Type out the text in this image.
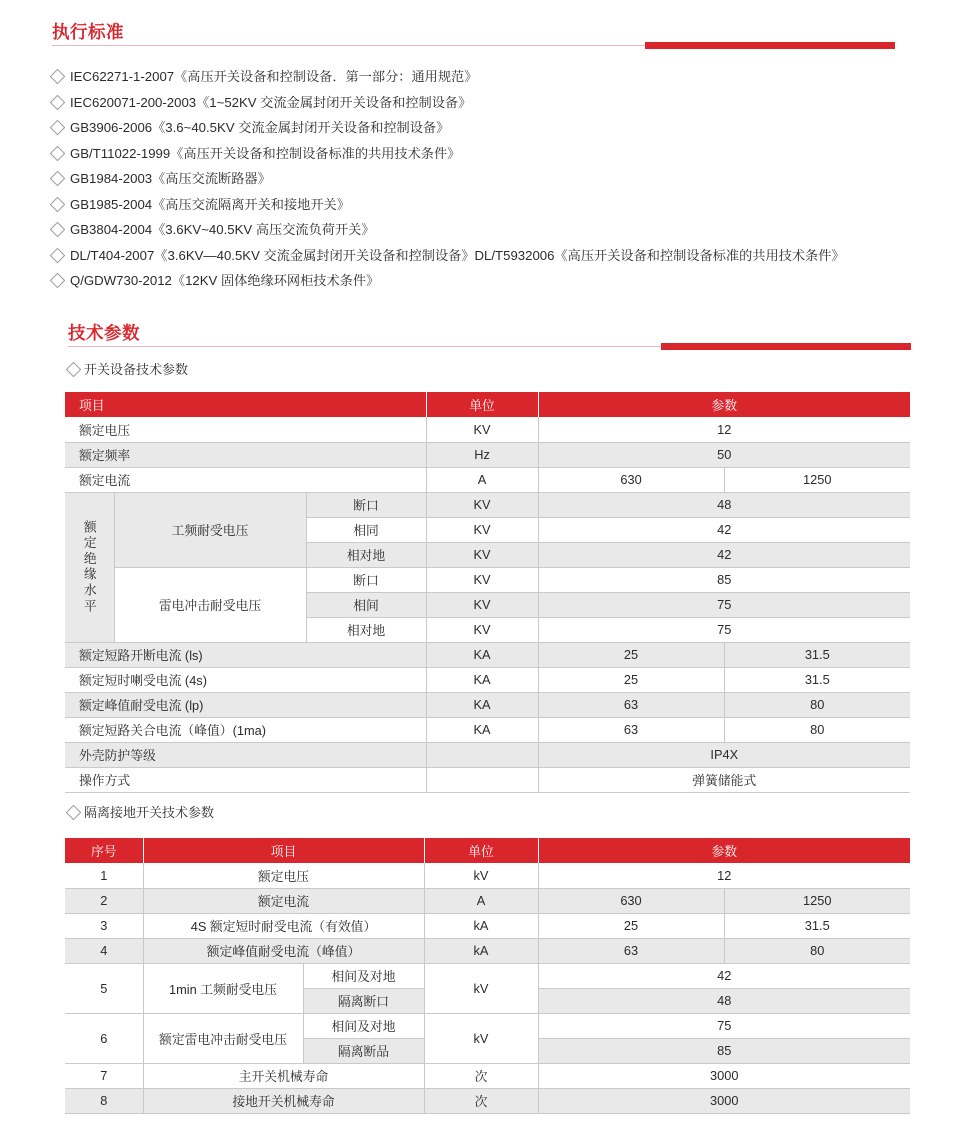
执行标准
IEC62271-1-2007《高压开关设备和控制设备．第一部分：通用规范》
IEC620071-200-2003《1~52KV 交流金属封闭开关设备和控制设备》
GB3906-2006《3.6~40.5KV 交流金属封闭开关设备和控制设备》
GB/T11022-1999《高压开关设备和控制设备标准的共用技术条件》
GB1984-2003《高压交流断路器》
GB1985-2004《高压交流隔离开关和接地开关》
GB3804-2004《3.6KV~40.5KV 高压交流负荷开关》
DL/T404-2007《3.6KV—40.5KV 交流金属封闭开关设备和控制设备》DL/T5932006《高压开关设备和控制设备标准的共用技术条件》
Q/GDW730-2012《12KV 固体绝缘环网柜技术条件》
技术参数
开关设备技术参数
项目			单位	参数	
额定电压			KV	12	
额定频率			Hz	50	
额定电流			A	630	1250
额定绝缘水平	工频耐受电压	断口	KV	48	
		相同	KV	42	
		相对地	KV	42	
	雷电冲击耐受电压	断口	KV	85	
		相间	KV	75	
		相对地	KV	75	
额定短路开断电流 (ls)			KA	25	31.5
额定短时喇受电流 (4s)			KA	25	31.5
额定峰值耐受电流 (lp)			KA	63	80
额定短路关合电流（峰值）(1ma)			KA	63	80
外壳防护等级				IP4X	
操作方式				弹簧储能式	
隔离接地开关技术参数
序号	项目		单位	参数	
1	额定电压		kV	12	
2	额定电流		A	630	1250
3	4S 额定短时耐受电流（有效值）		kA	25	31.5
4	额定峰值耐受电流（峰值）		kA	63	80
5	1min 工频耐受电压	相间及对地	kV	42	
		隔离断口		48	
6	额定雷电冲击耐受电压	相间及对地	kV	75	
		隔离断品		85	
7	主开关机械寿命		次	3000	
8	接地开关机械寿命		次	3000	
